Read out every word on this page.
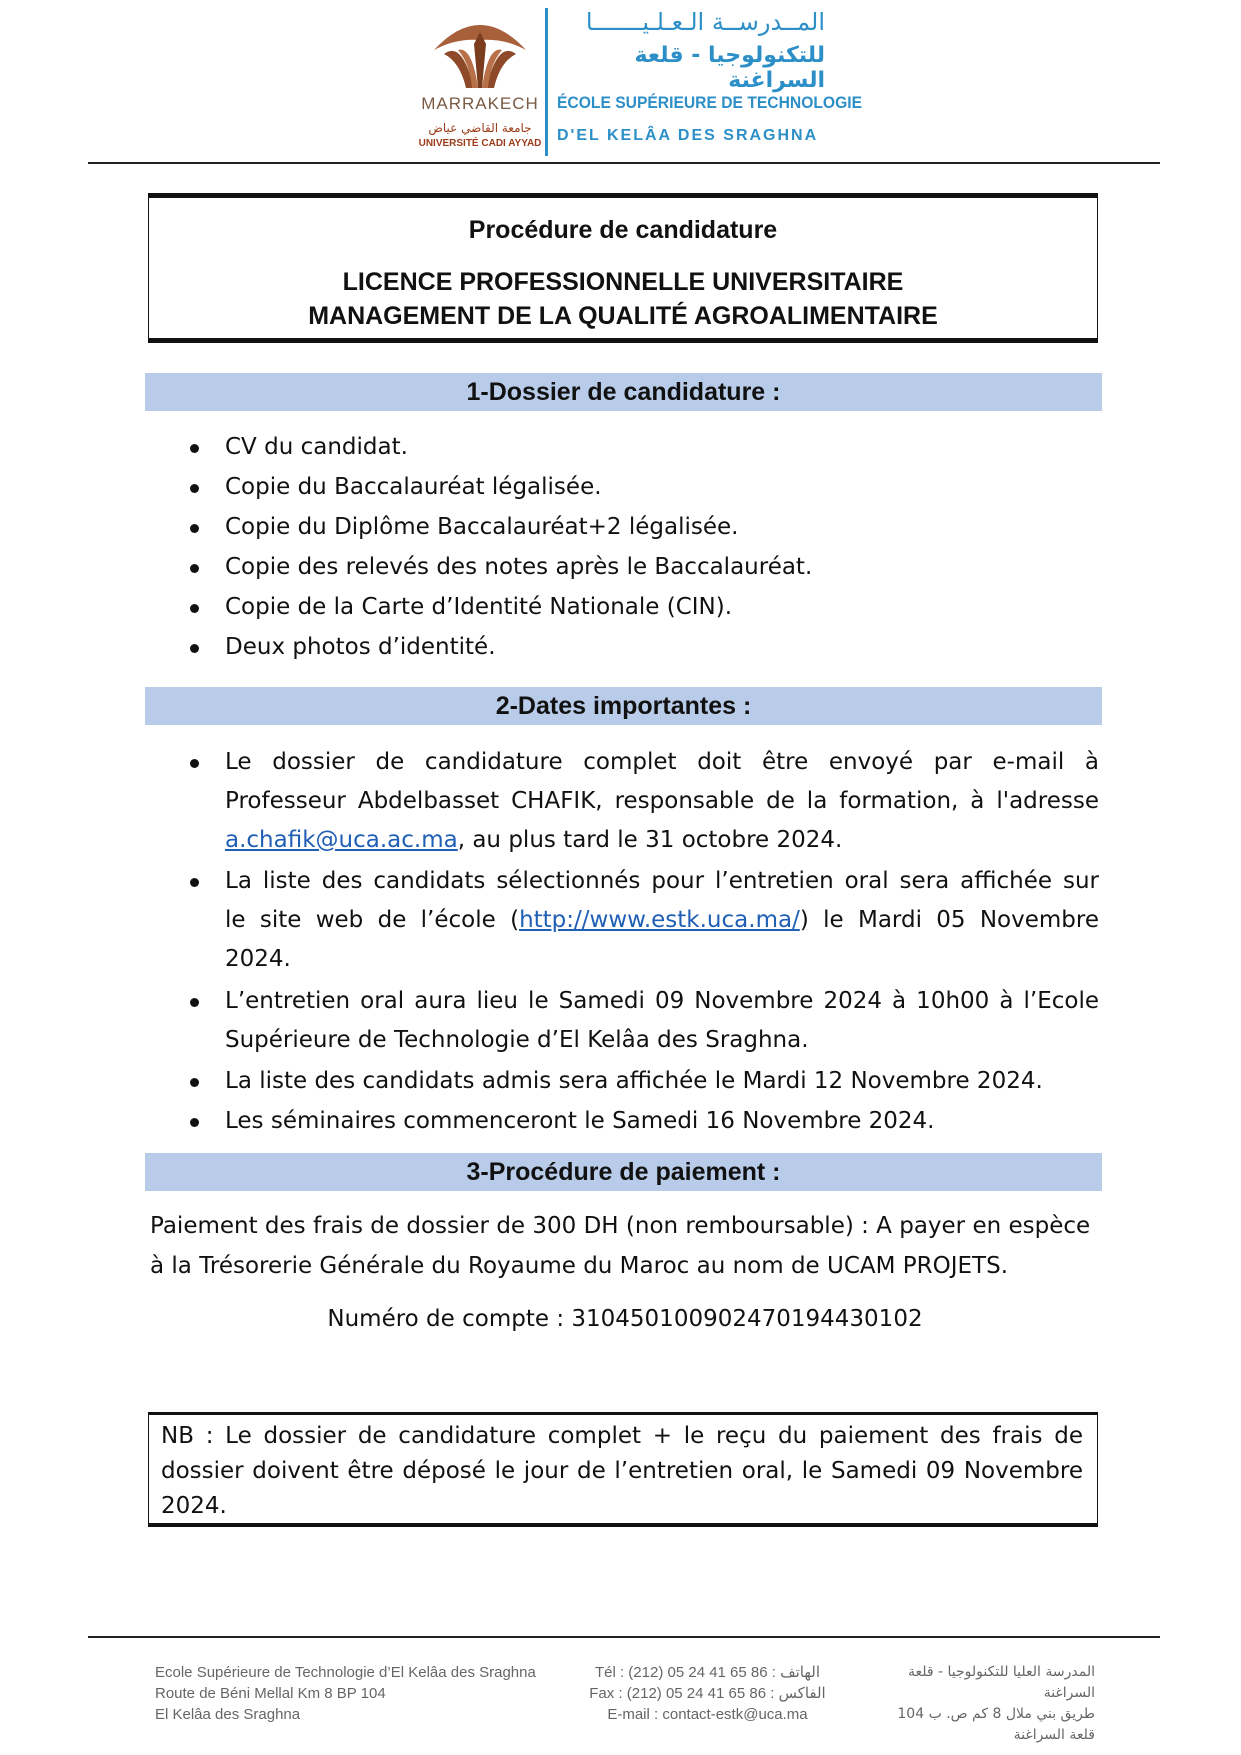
MARRAKECH
جامعة القاضي عياض
UNIVERSITÉ CADI AYYAD
المــدرســة الـعـلـيـــــــا
للتكنولوجيا - قلعة السراغنة
ÉCOLE SUPÉRIEURE DE TECHNOLOGIE
D'EL KELÂA DES SRAGHNA
Procédure de candidature
LICENCE PROFESSIONNELLE UNIVERSITAIRE
MANAGEMENT DE LA QUALITÉ AGROALIMENTAIRE
1-Dossier de candidature :
CV du candidat.
Copie du Baccalauréat légalisée.
Copie du Diplôme Baccalauréat+2 légalisée.
Copie des relevés des notes après le Baccalauréat.
Copie de la Carte d’Identité Nationale (CIN).
Deux photos d’identité.
2-Dates importantes :
Le dossier de candidature complet doit être envoyé par e-mail à
Professeur Abdelbasset CHAFIK, responsable de la formation, à l'adresse
a.chafik@uca.ac.ma, au plus tard le 31 octobre 2024.
La liste des candidats sélectionnés pour l’entretien oral sera affichée sur
le site web de l’école (http://www.estk.uca.ma/) le Mardi 05 Novembre
2024.
L’entretien oral aura lieu le Samedi 09 Novembre 2024 à 10h00 à l’Ecole
Supérieure de Technologie d’El Kelâa des Sraghna.
La liste des candidats admis sera affichée le Mardi 12 Novembre 2024.
Les séminaires commenceront le Samedi 16 Novembre 2024.
3-Procédure de paiement :
Paiement des frais de dossier de 300 DH (non remboursable) : A payer en espèce
à la Trésorerie Générale du Royaume du Maroc au nom de UCAM PROJETS.
Numéro de compte : 310450100902470194430102
NB : Le dossier de candidature complet + le reçu du paiement des frais de
dossier doivent être déposé le jour de l’entretien oral, le Samedi 09 Novembre
2024.
Ecole Supérieure de Technologie d’El Kelâa des Sraghna
Route de Béni Mellal Km 8 BP 104
El Kelâa des Sraghna
Tél : (212) 05 24 41 65 86 : الهاتف
Fax : (212) 05 24 41 65 86 : الفاكس
E-mail : contact-estk@uca.ma
المدرسة العليا للتكنولوجيا - قلعة السراغنة
طريق بني ملال 8 كم ص. ب 104
قلعة السراغنة
